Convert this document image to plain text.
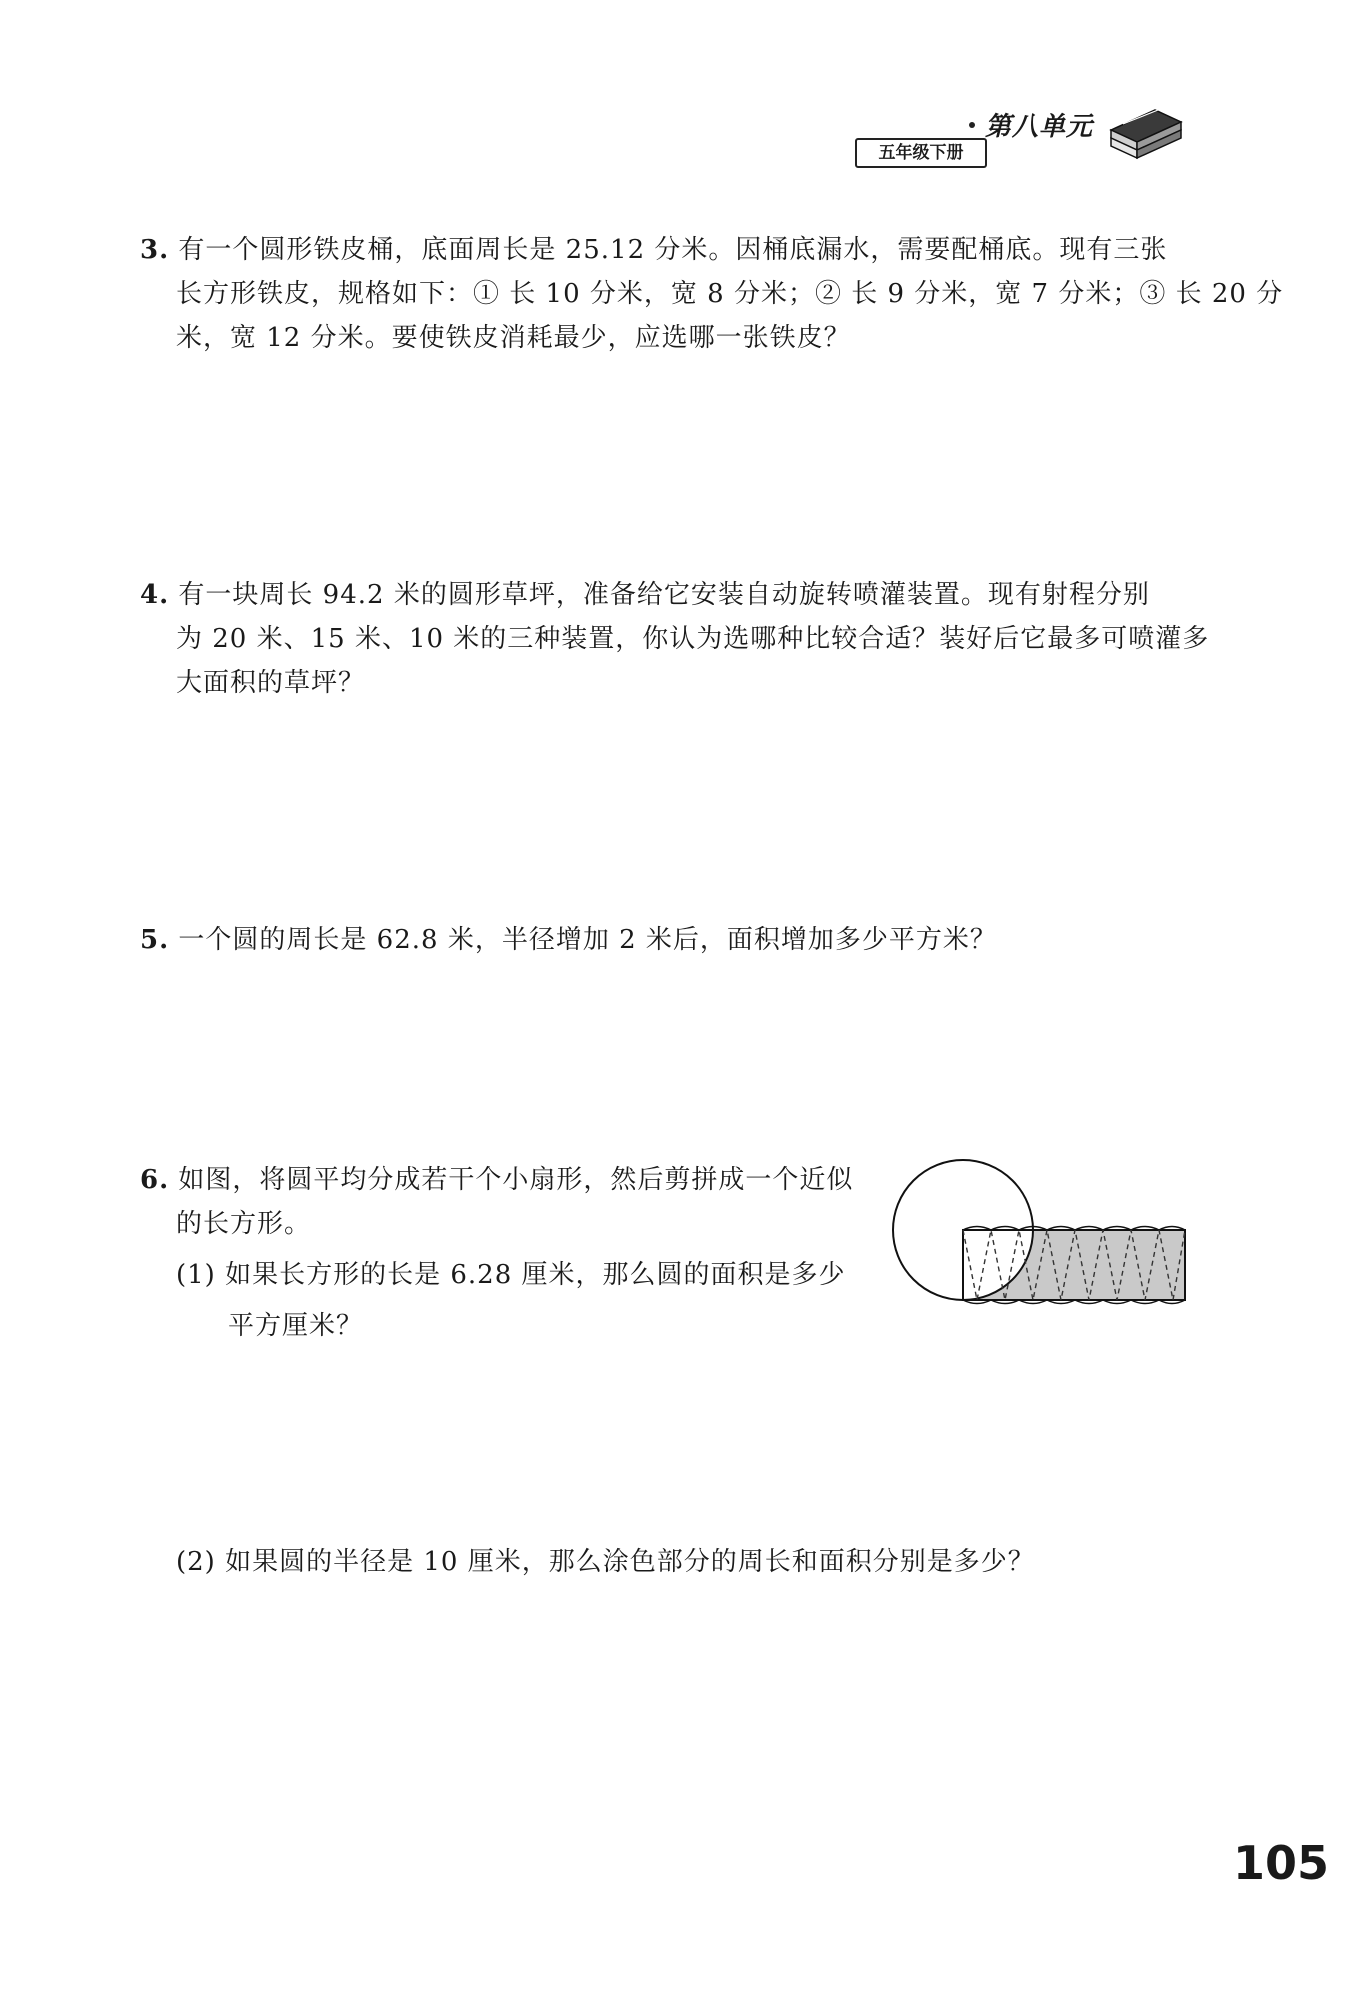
五年级下册
第八单元
3. 有一个圆形铁皮桶，底面周长是 25.12 分米。因桶底漏水，需要配桶底。现有三张
长方形铁皮，规格如下：① 长 10 分米，宽 8 分米；② 长 9 分米，宽 7 分米；③ 长 20 分
米，宽 12 分米。要使铁皮消耗最少，应选哪一张铁皮？
4. 有一块周长 94.2 米的圆形草坪，准备给它安装自动旋转喷灌装置。现有射程分别
为 20 米、15 米、10 米的三种装置，你认为选哪种比较合适？装好后它最多可喷灌多
大面积的草坪？
5. 一个圆的周长是 62.8 米，半径增加 2 米后，面积增加多少平方米？
6. 如图，将圆平均分成若干个小扇形，然后剪拼成一个近似
的长方形。
(1) 如果长方形的长是 6.28 厘米，那么圆的面积是多少
平方厘米？
(2) 如果圆的半径是 10 厘米，那么涂色部分的周长和面积分别是多少？
105
